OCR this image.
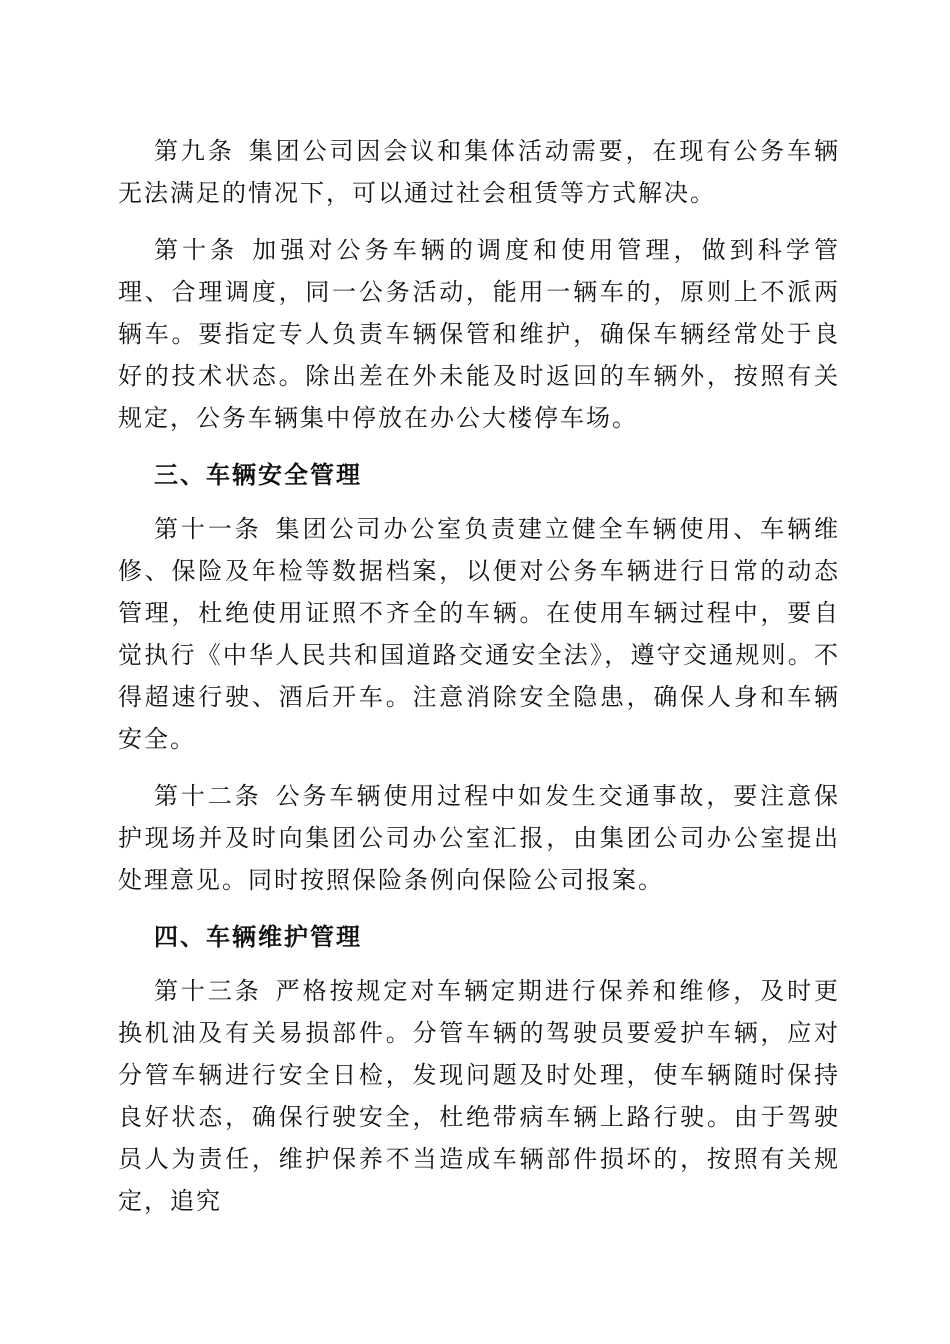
第九条 集团公司因会议和集体活动需要，在现有公务车辆无法满足的情况下，可以通过社会租赁等方式解决。

第十条 加强对公务车辆的调度和使用管理，做到科学管理、合理调度，同一公务活动，能用一辆车的，原则上不派两辆车。要指定专人负责车辆保管和维护，确保车辆经常处于良好的技术状态。除出差在外未能及时返回的车辆外，按照有关规定，公务车辆集中停放在办公大楼停车场。

三、车辆安全管理

第十一条 集团公司办公室负责建立健全车辆使用、车辆维修、保险及年检等数据档案，以便对公务车辆进行日常的动态管理，杜绝使用证照不齐全的车辆。在使用车辆过程中，要自觉执行《中华人民共和国道路交通安全法》，遵守交通规则。不得超速行驶、酒后开车。注意消除安全隐患，确保人身和车辆安全。

第十二条 公务车辆使用过程中如发生交通事故，要注意保护现场并及时向集团公司办公室汇报，由集团公司办公室提出处理意见。同时按照保险条例向保险公司报案。

四、车辆维护管理

第十三条 严格按规定对车辆定期进行保养和维修，及时更换机油及有关易损部件。分管车辆的驾驶员要爱护车辆，应对分管车辆进行安全日检，发现问题及时处理，使车辆随时保持良好状态，确保行驶安全，杜绝带病车辆上路行驶。由于驾驶员人为责任，维护保养不当造成车辆部件损坏的，按照有关规定，追究
